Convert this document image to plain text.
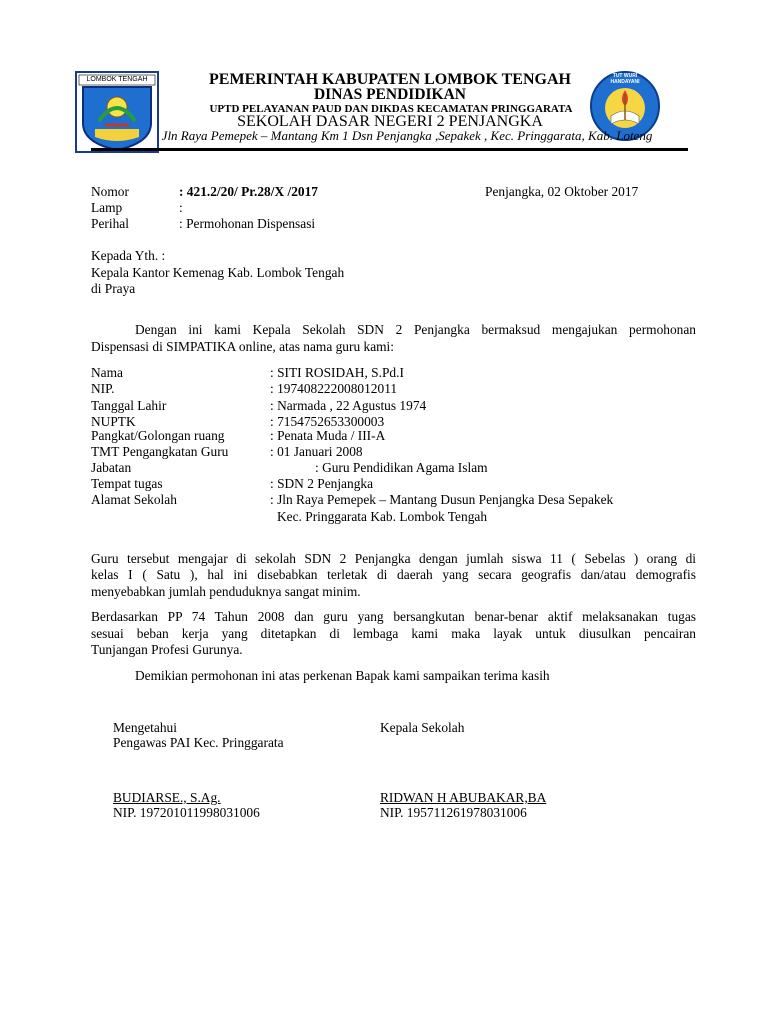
LOMBOK TENGAH	TUT WURI HANDAYANI
PEMERINTAH KABUPATEN LOMBOK TENGAH
DINAS PENDIDIKAN
UPTD PELAYANAN PAUD DAN DIKDAS KECAMATAN PRINGGARATA
SEKOLAH DASAR NEGERI 2 PENJANGKA
Jln Raya Pemepek – Mantang Km 1 Dsn Penjangka ,Sepakek , Kec. Pringgarata, Kab. Loteng
Nomor	: 421.2/20/ Pr.28/X /2017	Penjangka, 02 Oktober 2017
Lamp	:
Perihal	: Permohonan Dispensasi
Kepada Yth. :
Kepala Kantor Kemenag Kab. Lombok Tengah
di Praya
Dengan ini kami Kepala Sekolah SDN 2 Penjangka bermaksud mengajukan permohonan
Dispensasi di SIMPATIKA online, atas nama guru kami:
Nama	: SITI ROSIDAH, S.Pd.I
NIP.	: 197408222008012011
Tanggal Lahir	: Narmada , 22 Agustus 1974
NUPTK	: 7154752653300003
Pangkat/Golongan ruang	: Penata Muda / III-A
TMT Pengangkatan Guru	: 01 Januari 2008
Jabatan	: Guru Pendidikan Agama Islam
Tempat tugas	: SDN 2 Penjangka
Alamat Sekolah	: Jln Raya Pemepek – Mantang Dusun Penjangka Desa Sepakek
Kec. Pringgarata Kab. Lombok Tengah
Guru tersebut mengajar di sekolah SDN 2 Penjangka dengan jumlah siswa 11 ( Sebelas ) orang di
kelas I ( Satu ), hal ini disebabkan terletak di daerah yang secara geografis dan/atau demografis
menyebabkan jumlah penduduknya sangat minim.
Berdasarkan PP 74 Tahun 2008 dan guru yang bersangkutan benar-benar aktif melaksanakan tugas
sesuai beban kerja yang ditetapkan di lembaga kami maka layak untuk diusulkan pencairan
Tunjangan Profesi Gurunya.
Demikian permohonan ini atas perkenan Bapak kami sampaikan terima kasih
Mengetahui
Pengawas PAI Kec. Pringgarata
Kepala Sekolah
BUDIARSE., S.Ag.
NIP. 197201011998031006
RIDWAN H ABUBAKAR,BA
NIP. 195711261978031006
